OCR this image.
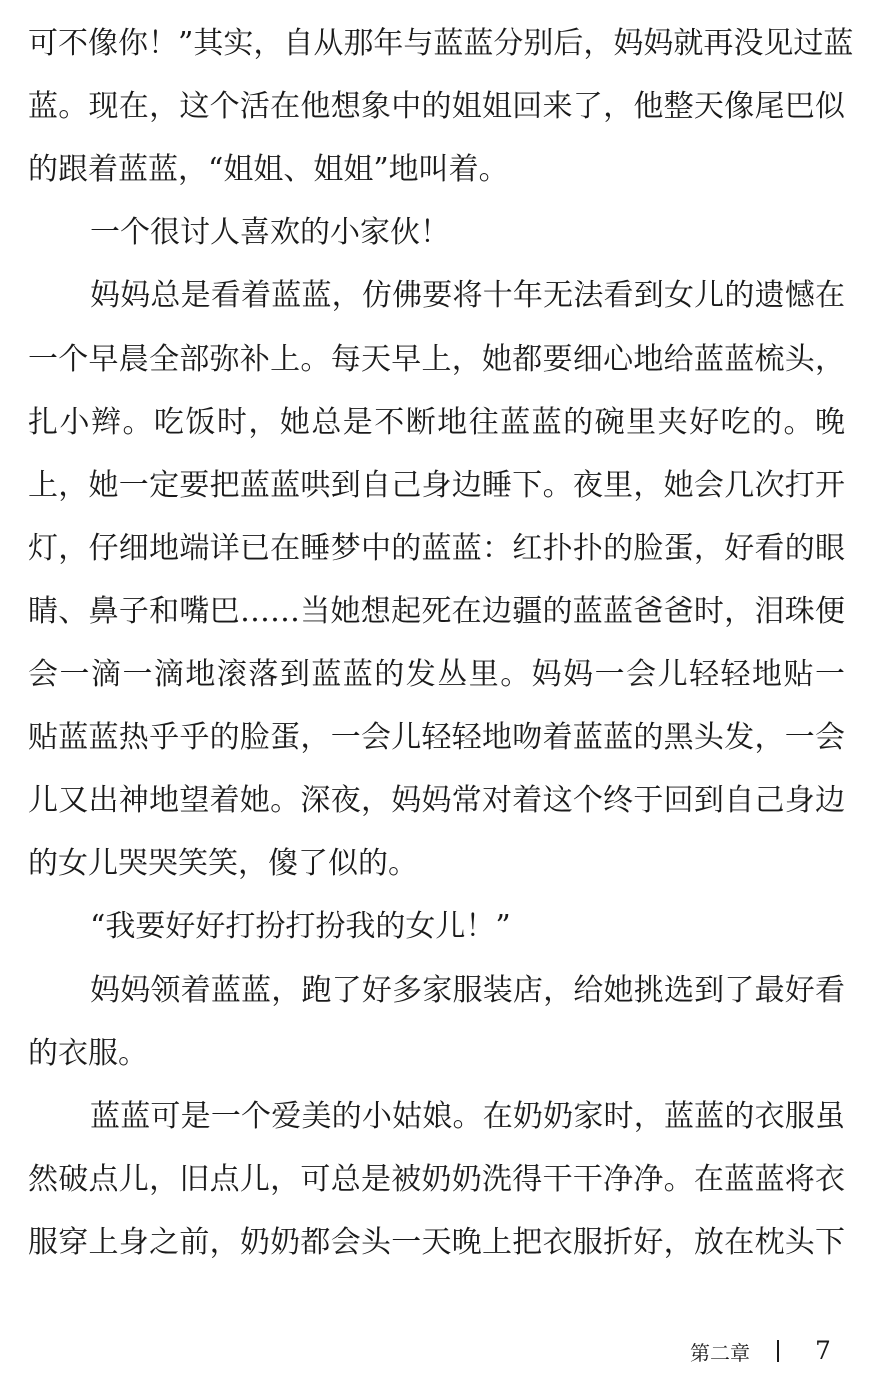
可不像你！”其实，自从那年与蓝蓝分别后，妈妈就再没见过蓝
蓝。现在，这个活在他想象中的姐姐回来了，他整天像尾巴似
的跟着蓝蓝，“姐姐、姐姐”地叫着。
一个很讨人喜欢的小家伙！
妈妈总是看着蓝蓝，仿佛要将十年无法看到女儿的遗憾在
一个早晨全部弥补上。每天早上，她都要细心地给蓝蓝梳头，
扎小辫。吃饭时，她总是不断地往蓝蓝的碗里夹好吃的。晚
上，她一定要把蓝蓝哄到自己身边睡下。夜里，她会几次打开
灯，仔细地端详已在睡梦中的蓝蓝：红扑扑的脸蛋，好看的眼
睛、鼻子和嘴巴……当她想起死在边疆的蓝蓝爸爸时，泪珠便
会一滴一滴地滚落到蓝蓝的发丛里。妈妈一会儿轻轻地贴一
贴蓝蓝热乎乎的脸蛋，一会儿轻轻地吻着蓝蓝的黑头发，一会
儿又出神地望着她。深夜，妈妈常对着这个终于回到自己身边
的女儿哭哭笑笑，傻了似的。
“我要好好打扮打扮我的女儿！”
妈妈领着蓝蓝，跑了好多家服装店，给她挑选到了最好看
的衣服。
蓝蓝可是一个爱美的小姑娘。在奶奶家时，蓝蓝的衣服虽
然破点儿，旧点儿，可总是被奶奶洗得干干净净。在蓝蓝将衣
服穿上身之前，奶奶都会头一天晚上把衣服折好，放在枕头下
第二章	7
